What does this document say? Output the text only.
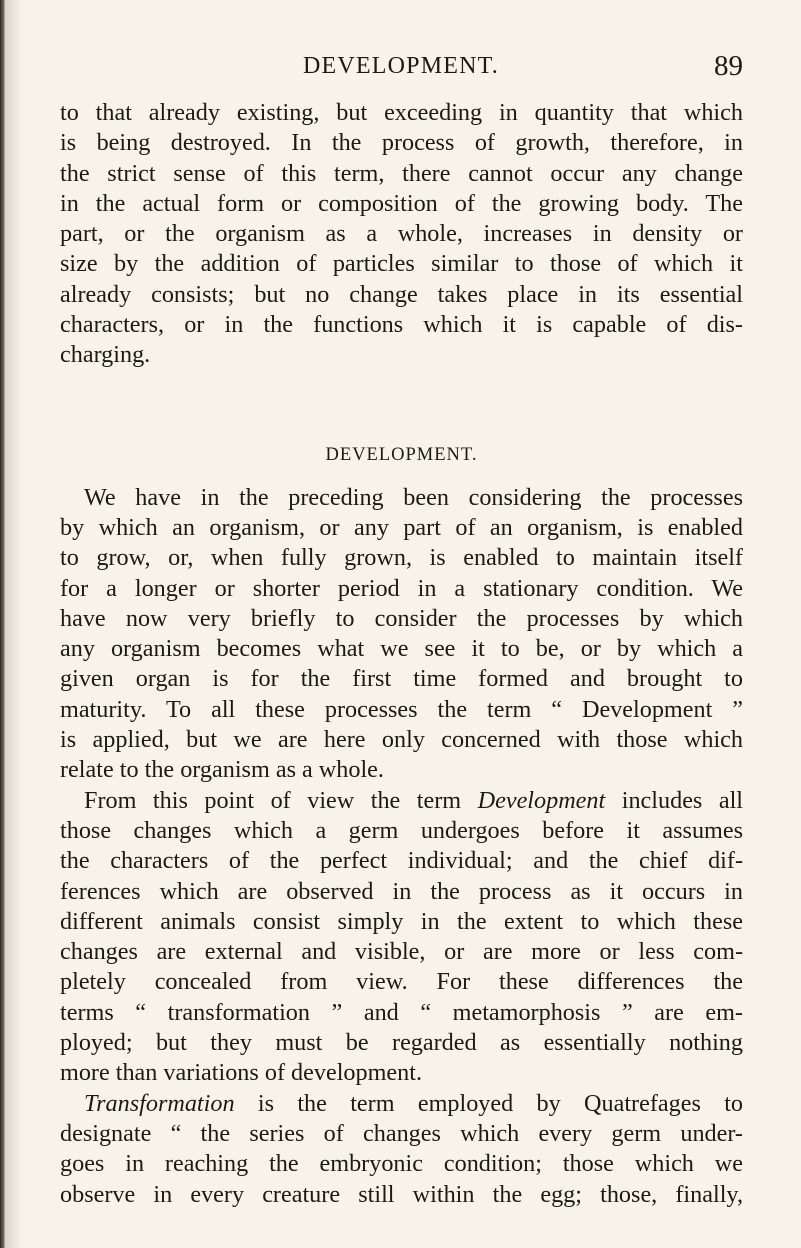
DEVELOPMENT.	89
to that already existing, but exceeding in quantity that which
is being destroyed. In the process of growth, therefore, in
the strict sense of this term, there cannot occur any change
in the actual form or composition of the growing body. The
part, or the organism as a whole, increases in density or
size by the addition of particles similar to those of which it
already consists; but no change takes place in its essential
characters, or in the functions which it is capable of dis-
charging.
DEVELOPMENT.
We have in the preceding been considering the processes
by which an organism, or any part of an organism, is enabled
to grow, or, when fully grown, is enabled to maintain itself
for a longer or shorter period in a stationary condition. We
have now very briefly to consider the processes by which
any organism becomes what we see it to be, or by which a
given organ is for the first time formed and brought to
maturity. To all these processes the term “ Development ”
is applied, but we are here only concerned with those which
relate to the organism as a whole.
From this point of view the term Development includes all
those changes which a germ undergoes before it assumes
the characters of the perfect individual; and the chief dif-
ferences which are observed in the process as it occurs in
different animals consist simply in the extent to which these
changes are external and visible, or are more or less com-
pletely concealed from view. For these differences the
terms “ transformation ” and “ metamorphosis ” are em-
ployed; but they must be regarded as essentially nothing
more than variations of development.
Transformation is the term employed by Quatrefages to
designate “ the series of changes which every germ under-
goes in reaching the embryonic condition; those which we
observe in every creature still within the egg; those, finally,
